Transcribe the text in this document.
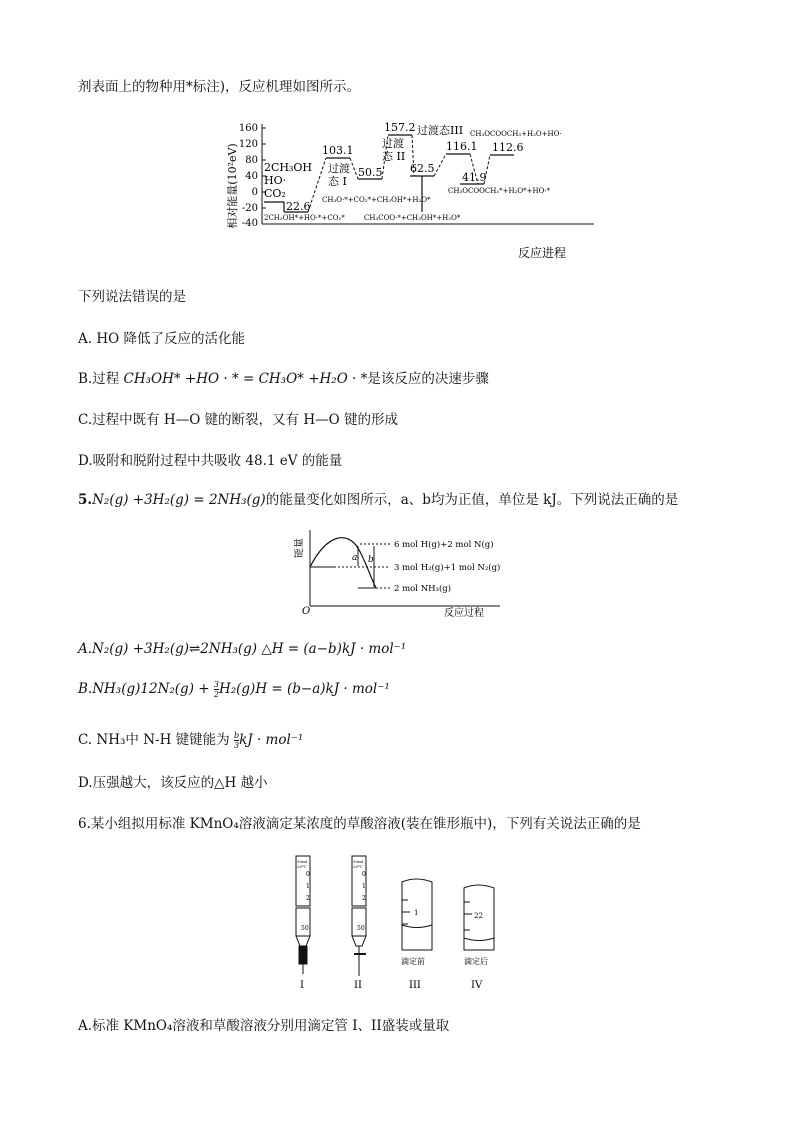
剂表面上的物种用*标注)，反应机理如图所示。
相对能量(10²eV)
160
120
80
40
0
-20
-40
2CH₃OH
HO·
CO₂
22.6
103.1
50.5
157.2
62.5
116.1
41.9
112.6
过渡
态 I
过渡
态 II
过渡态III
2CH₃OH*+HO·*+CO₂*
CH₃O·*+CO₂*+CH₃OH*+H₂O*
CH₃COO·*+CH₃OH*+H₂O*
CH₃OCOOCH₃*+H₂O*+HO·*
CH₃OCOOCH₃+H₂O+HO·
反应进程
下列说法错误的是
A. HO 降低了反应的活化能
B.过程 CH₃OH* +HO · * = CH₃O* +H₂O · *是该反应的决速步骤
C.过程中既有 H—O 键的断裂，又有 H—O 键的形成
D.吸附和脱附过程中共吸收 48.1 eV 的能量
5.N₂(g) +3H₂(g) = 2NH₃(g)的能量变化如图所示，a、b均为正值，单位是 kJ。下列说法正确的是
能量
O
a b
6 mol H(g)+2 mol N(g)
3 mol H₂(g)+1 mol N₂(g)
2 mol NH₃(g)
反应过程
A.N₂(g) +3H₂(g)⇌2NH₃(g) △H = (a−b)kJ · mol⁻¹
$B.NH_3(g)12N_2(g) + \frac{3}{2} H_2(g)H = (b-a)kJ \cdot mol^{-1}$
C. NH₃中 N-H 键键能为 $\frac{b}{3}$ kJ · mol⁻¹
D.压强越大，该反应的△H 越小
6.某小组拟用标准 KMnO₄溶液滴定某浓度的草酸溶液(装在锥形瓶中)，下列有关说法正确的是
50ml
20℃
0
1
2
50
50ml
20℃
0
1
2
50
1	22
滴定前	滴定后
I	II	III	IV
A.标准 KMnO₄溶液和草酸溶液分别用滴定管 I、II盛装或量取
